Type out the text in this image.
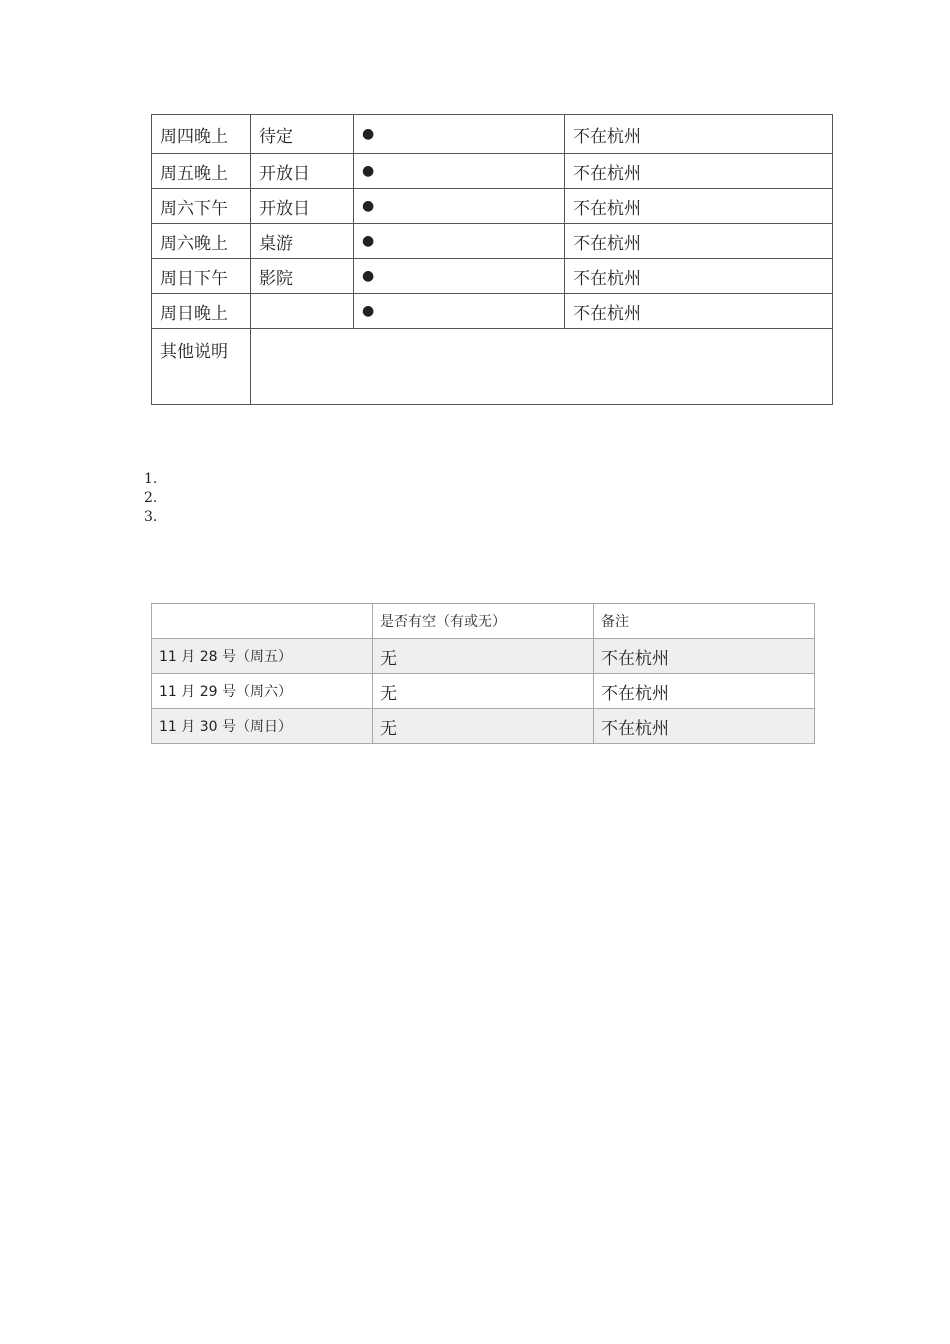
周四晚上	待定	●	不在杭州
周五晚上	开放日	●	不在杭州
周六下午	开放日	●	不在杭州
周六晚上	桌游	●	不在杭州
周日下午	影院	●	不在杭州
周日晚上		●	不在杭州
其他说明			
1.
2.
3.
	是否有空（有或无）	备注
11 月 28 号（周五）	无	不在杭州
11 月 29 号（周六）	无	不在杭州
11 月 30 号（周日）	无	不在杭州
